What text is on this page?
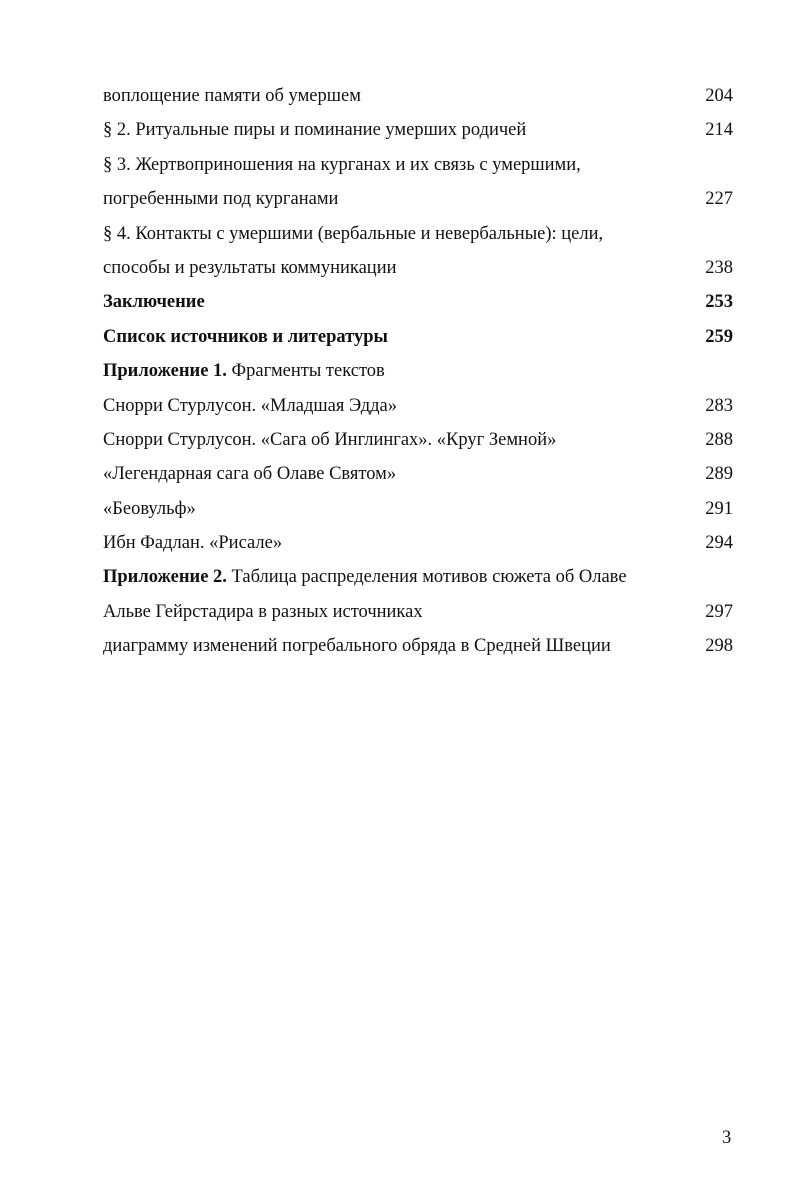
воплощение памяти об умершем	204
§ 2. Ритуальные пиры и поминание умерших родичей	214
§ 3. Жертвоприношения на курганах и их связь с умершими,
погребенными под курганами	227
§ 4. Контакты с умершими (вербальные и невербальные): цели,
способы и результаты коммуникации	238
Заключение	253
Список источников и литературы	259
Приложение 1. Фрагменты текстов
Снорри Стурлусон. «Младшая Эдда»	283
Снорри Стурлусон. «Сага об Инглингах». «Круг Земной»	288
«Легендарная сага об Олаве Святом»	289
«Беовульф»	291
Ибн Фадлан. «Рисале»	294
Приложение 2. Таблица распределения мотивов сюжета об Олаве
Альве Гейрстадира в разных источниках	297
диаграмму изменений погребального обряда в Средней Швеции	298
3
